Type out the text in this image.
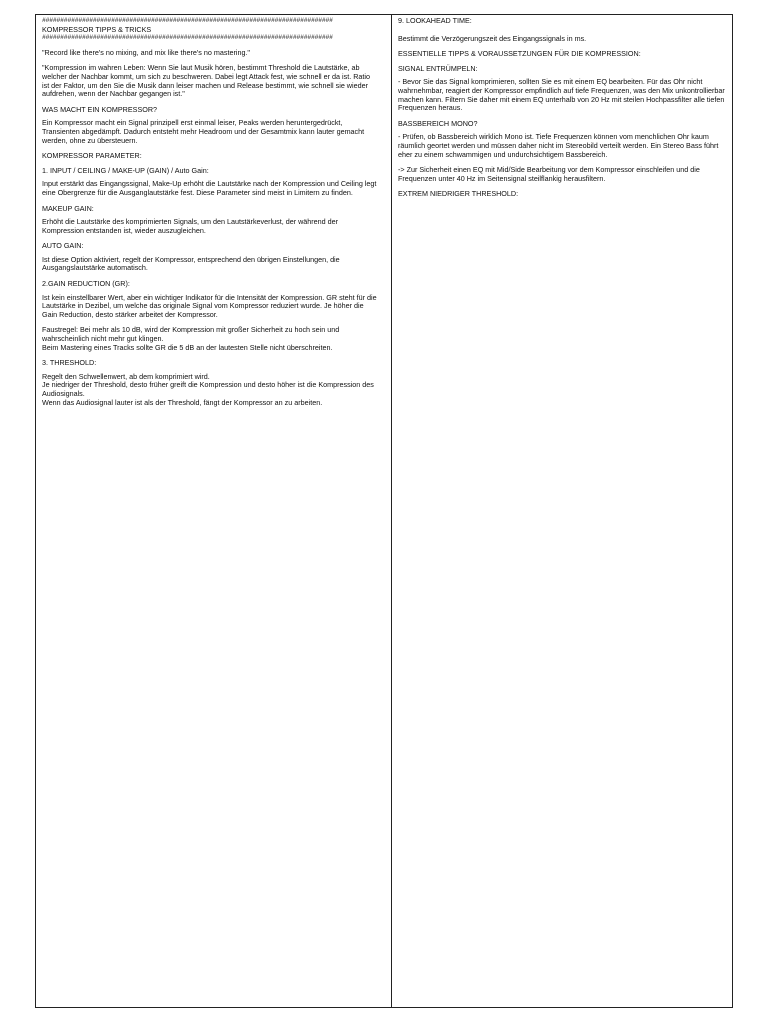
################################################################################

KOMPRESSOR TIPPS & TRICKS

################################################################################

"Record like there's no mixing, and mix like there's no mastering."

"Kompression im wahren Leben: Wenn Sie laut Musik hören, bestimmt Threshold die Lautstärke, ab welcher der Nachbar kommt, um sich zu beschweren. Dabei legt Attack fest, wie schnell er da ist. Ratio ist der Faktor, um den Sie die Musik dann leiser machen und Release bestimmt, wie schnell sie wieder aufdrehen, wenn der Nachbar gegangen ist."

WAS MACHT EIN KOMPRESSOR?

Ein Kompressor macht ein Signal prinzipell erst einmal leiser, Peaks werden heruntergedrückt, Transienten abgedämpft. Dadurch entsteht mehr Headroom und der Gesamtmix kann lauter gemacht werden, ohne zu übersteuern.

KOMPRESSOR PARAMETER:

1. INPUT / CEILING / MAKE-UP (GAIN) / Auto Gain:

Input erstärkt das Eingangssignal, Make-Up erhöht die Lautstärke nach der Kompression und Ceiling legt eine Obergrenze für die Ausganglautstärke fest. Diese Parameter sind meist in Limitern zu finden.

MAKEUP GAIN:

Erhöht die Lautstärke des komprimierten Signals, um den Lautstärkeverlust, der während der Kompression entstanden ist, wieder auszugleichen.

AUTO GAIN:

Ist diese Option aktiviert, regelt der Kompressor, entsprechend den übrigen Einstellungen, die Ausgangslautstärke automatisch.

2.GAIN REDUCTION (GR):

Ist kein einstellbarer Wert, aber ein wichtiger Indikator für die Intensität der Kompression. GR steht für die Lautstärke in Dezibel, um welche das originale Signal vom Kompressor reduziert wurde. Je höher die Gain Reduction, desto stärker arbeitet der Kompressor.

Faustregel: Bei mehr als 10 dB, wird der Kompression mit großer Sicherheit zu hoch sein und wahrscheinlich nicht mehr gut klingen.
Beim Mastering eines Tracks sollte GR die 5 dB an der lautesten Stelle nicht überschreiten.

3. THRESHOLD:

Regelt den Schwellenwert, ab dem komprimiert wird.
Je niedriger der Threshold, desto früher greift die Kompression und desto höher ist die Kompression des Audiosignals.
Wenn das Audiosignal lauter ist als der Threshold, fängt der Kompressor an zu arbeiten.

9. LOOKAHEAD TIME:

Bestimmt die Verzögerungszeit des Eingangssignals in ms.

ESSENTIELLE TIPPS & VORAUSSETZUNGEN FÜR DIE KOMPRESSION:

SIGNAL ENTRÜMPELN:

- Bevor Sie das Signal komprimieren, sollten Sie es mit einem EQ bearbeiten. Für das Ohr nicht wahrnehmbar, reagiert der Kompressor empfindlich auf tiefe Frequenzen, was den Mix unkontrollierbar machen kann. Filtern Sie daher mit einem EQ unterhalb von 20 Hz mit steilen Hochpassfilter alle tiefen Frequenzen heraus.

BASSBEREICH MONO?

- Prüfen, ob Bassbereich wirklich Mono ist. Tiefe Frequenzen können vom menchlichen Ohr kaum räumlich geortet werden und müssen daher nicht im Stereobild verteilt werden. Ein Stereo Bass führt eher zu einem schwammigen und undurchsichtigem Bassbereich.

-> Zur Sicherheit einen EQ mit Mid/Side Bearbeitung vor dem Kompressor einschleifen und die Frequenzen unter 40 Hz im Seitensignal steilflankig herausfiltern.

EXTREM NIEDRIGER THRESHOLD:
